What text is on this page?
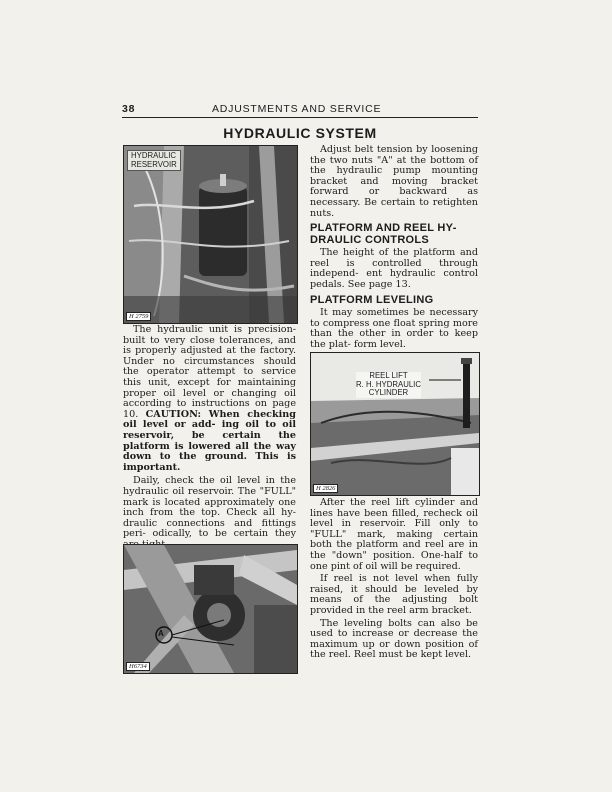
38	ADJUSTMENTS AND SERVICE
HYDRAULIC SYSTEM
HYDRAULIC
RESERVOIR
H 2759

The hydraulic unit is precision- built to very close tolerances, and is properly adjusted at the factory. Under no circumstances should the operator attempt to service this unit, except for maintaining proper oil level or changing oil according to instructions on page 10. CAUTION: When checking oil level or add- ing oil to oil reservoir, be certain the platform is lowered all the way down to the ground. This is important.

Daily, check the oil level in the hydraulic oil reservoir. The "FULL" mark is located approximately one inch from the top. Check all hy- draulic connections and fittings peri- odically, to be certain they

A
H6734

Adjust belt tension by loosening the two nuts "A" at the bottom of the hydraulic pump mounting bracket and moving bracket forward or backward as necessary. Be certain to retighten nuts.

PLATFORM AND REEL HY-
DRAULIC CONTROLS

The height of the platform and reel is controlled through independ- ent hydraulic control pedals. See page 13.

PLATFORM LEVELING

It may sometimes be necessary to compress one float spring more than the other in order to keep the plat- form level.

REEL LIFT
R. H. HYDRAULIC
CYLINDER
H 2826

After the reel lift cylinder and lines have been filled, recheck oil level in reservoir. Fill only to "FULL" mark, making certain both the platform and reel are in the "down" position. One-half to one pint of oil will be required.

If reel is not level when fully raised, it should be leveled by means of the adjusting bolt provided in the reel arm bracket.

The leveling bolts can also be used to increase or decrease the maximum up or down position of the reel. Reel must be kept level.
